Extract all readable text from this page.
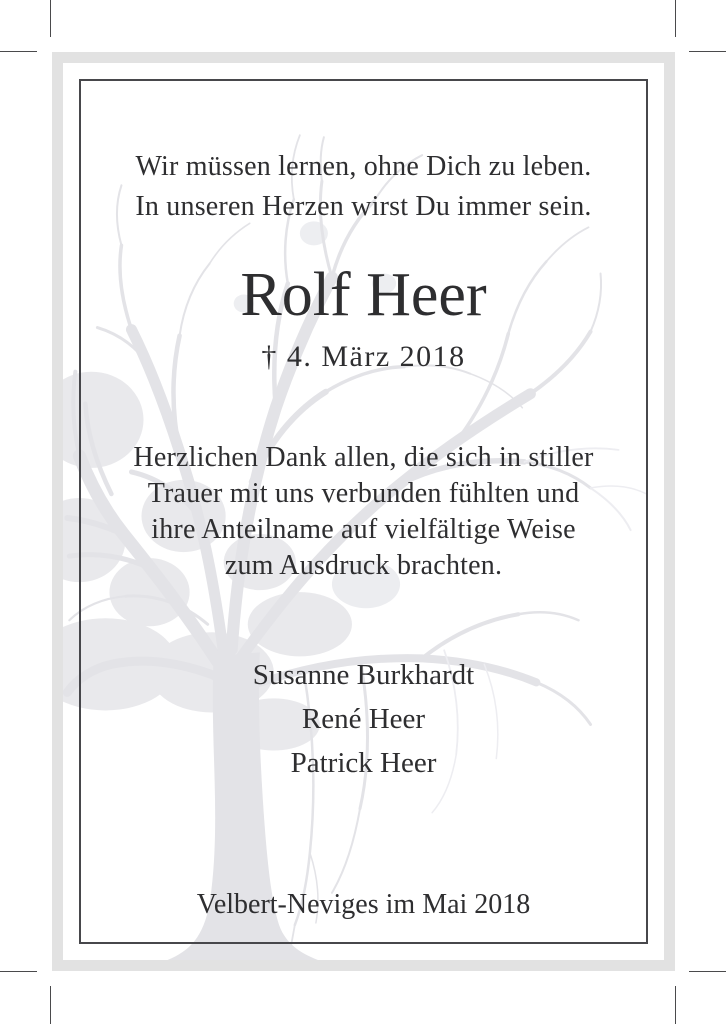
Wir müssen lernen, ohne Dich zu leben.
In unseren Herzen wirst Du immer sein.
Rolf Heer
† 4. März 2018
Herzlichen Dank allen, die sich in stiller
Trauer mit uns verbunden fühlten und
ihre Anteilname auf vielfältige Weise
zum Ausdruck brachten.
Susanne Burkhardt
René Heer
Patrick Heer
Velbert-Neviges im Mai 2018
